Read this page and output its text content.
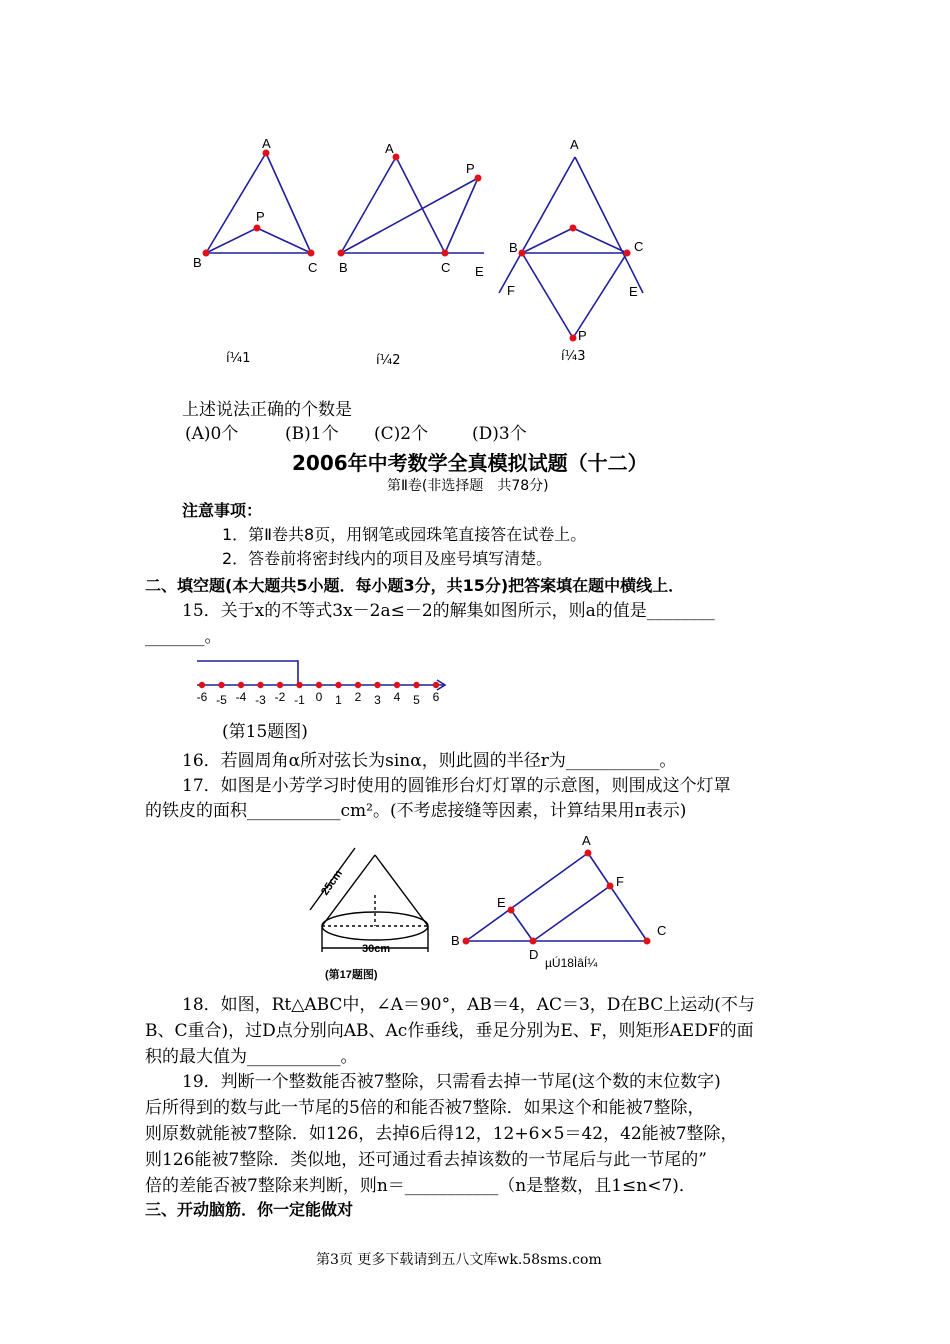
A
P
B	C
A
P
B	C E
A
B	C
F	E
P
í¼1	í¼2	í¼3
上述说法正确的个数是
(A)0个	(B)1个 (C)2个	(D)3个
2006年中考数学全真模拟试题（十二）
第Ⅱ卷(非选择题　共78分)
注意事项：
1．第Ⅱ卷共8页，用钢笔或园珠笔直接答在试卷上。
2．答卷前将密封线内的项目及座号填写清楚。
二、填空题(本大题共5小题．每小题3分，共15分)把答案填在题中横线上．
15．关于x的不等式3x－2a≤－2的解集如图所示，则a的值是________
_______。
-6 -5 -4 -3 -2 -1 0 1 2 3 4 5 6
(第15题图)
16．若圆周角α所对弦长为sinα，则此圆的半径r为___________。
17．如图是小芳学习时使用的圆锥形台灯灯罩的示意图，则围成这个灯罩
的铁皮的面积___________cm²。(不考虑接缝等因素，计算结果用π表示)
25cm
30cm
(第17题图)
A
F
E
B
D
C
µÚ18ÌâÍ¼
18．如图，Rt△ABC中，∠A＝90°，AB＝4，AC＝3，D在BC上运动(不与
B、C重合)，过D点分别向AB、Ac作垂线，垂足分别为E、F，则矩形AEDF的面
积的最大值为___________。
19．判断一个整数能否被7整除，只需看去掉一节尾(这个数的末位数字)
后所得到的数与此一节尾的5倍的和能否被7整除．如果这个和能被7整除，
则原数就能被7整除．如126，去掉6后得12，12+6×5＝42，42能被7整除，
则126能被7整除．类似地，还可通过看去掉该数的一节尾后与此一节尾的”
倍的差能否被7整除来判断，则n＝___________（n是整数，且1≤n<7)．
三、开动脑筋．你一定能做对
第3页 更多下载请到五八文库wk.58sms.com
